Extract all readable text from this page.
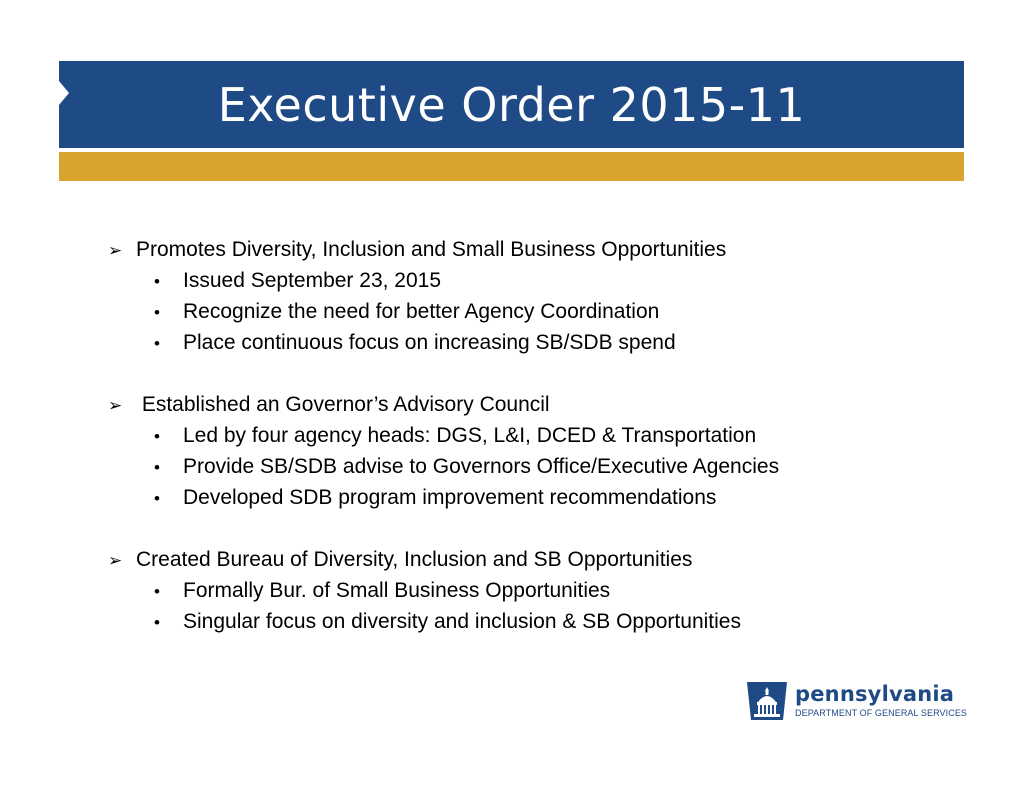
Executive Order 2015-11
➢ Promotes Diversity, Inclusion and Small Business Opportunities
•	Issued September 23, 2015
•	Recognize the need for better Agency Coordination
•	Place continuous focus on increasing SB/SDB spend
➢ Established an Governor’s Advisory Council
•	Led by four agency heads: DGS, L&I, DCED & Transportation
•	Provide SB/SDB advise to Governors Office/Executive Agencies
•	Developed SDB program improvement recommendations
➢ Created Bureau of Diversity, Inclusion and SB Opportunities
•	Formally Bur. of Small Business Opportunities
•	Singular focus on diversity and inclusion & SB Opportunities
pennsylvania
DEPARTMENT OF GENERAL SERVICES
